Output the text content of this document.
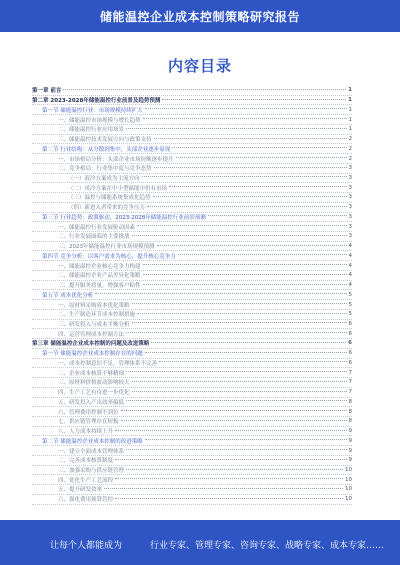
储能温控企业成本控制策略研究报告
内容目录
第一章 前言	1
第二章 2023-2028年储能温控行业前景及趋势预测	1
第一节 储能温控行业：市场规模持续扩大	1
一、储能温控市场规模与增长趋势	1
二、储能温控行业应用场景	1
三、储能温控技术发展方向与政策支持	2
第二节 行业结构：从分散到集中，头部企业逐步显现	2
一、市场格局分析：头部企业市场份额逐步提升	2
二、竞争格局：行业集中度与竞争态势	3
（一）液冷方案成为主流方向	3
（二）风冷方案在中小型储能中仍有市场	3
（三）温控与储能系统集成化趋势	3
（四）新进入者带来的竞争压力	3
第三节 行业趋势：政策驱动，2023-2028年储能温控行业前景预测	3
一、储能温控行业发展驱动因素	3
二、行业发展面临的主要挑战	3
三、2023年储能温控行业市场规模预测	4
第四节 竞争分析：以客户需求为核心，提升核心竞争力	4
一、储能温控企业核心竞争力构建	4
二、储能温控企业产品差异化策略	4
三、提升服务质量，增强客户粘性	4
第五节 成本优化分析	5
一、原材料采购成本优化策略	5
二、生产制造环节成本控制措施	5
三、研发投入与成本平衡分析	6
四、运营管理成本控制方法	6
第三章 储能温控企业成本控制的问题及改进策略	6
第一节 储能温控企业成本控制存在的问题	6
一、成本控制意识不足，管理体系不完善	6
二、企业成本核算不够精细	7
三、原材料价格波动影响较大	7
四、生产工艺有待进一步优化	7
五、研发投入产出效率偏低	8
六、管理费用控制不到位	8
七、供应链管理存在短板	8
八、人力成本持续上升	9
第二节 储能温控企业成本控制的改进策略	9
一、建立全面成本管理体系	9
二、完善成本核算制度	9
三、加强采购与供应链管理	10
四、优化生产工艺流程	10
五、提升研发效率	10
六、强化费用预算管控	10
让每个人都能成为	行业专家、管理专家、咨询专家、战略专家、成本专家……
